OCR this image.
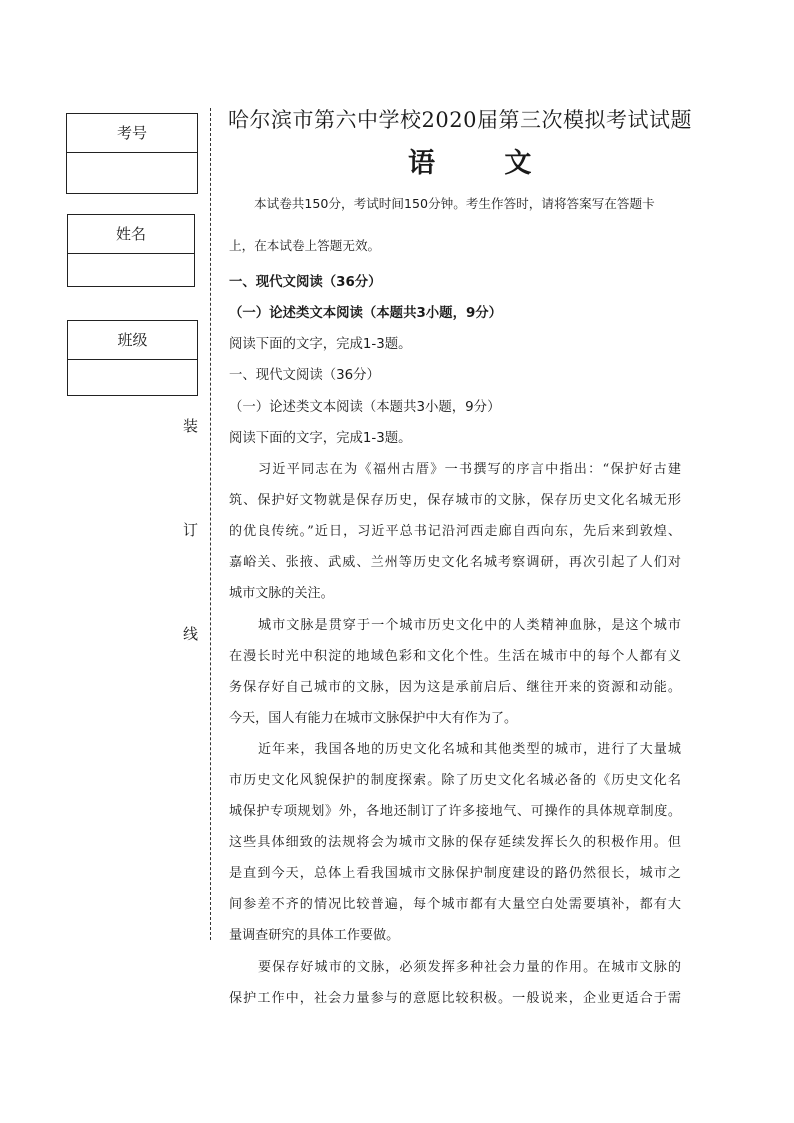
考号
姓名
班级
装
订
线
哈尔滨市第六中学校2020届第三次模拟考试试题
语 文
本试卷共150分，考试时间150分钟。考生作答时，请将答案写在答题卡
上，在本试卷上答题无效。
一、现代文阅读（36分）
（一）论述类文本阅读（本题共3小题，9分）
阅读下面的文字，完成1-3题。
一、现代文阅读（36分）
（一）论述类文本阅读（本题共3小题，9分）
阅读下面的文字，完成1-3题。
习近平同志在为《福州古厝》一书撰写的序言中指出：“保护好古建
筑、保护好文物就是保存历史，保存城市的文脉，保存历史文化名城无形
的优良传统。”近日，习近平总书记沿河西走廊自西向东，先后来到敦煌、
嘉峪关、张掖、武威、兰州等历史文化名城考察调研，再次引起了人们对
城市文脉的关注。
城市文脉是贯穿于一个城市历史文化中的人类精神血脉，是这个城市
在漫长时光中积淀的地域色彩和文化个性。生活在城市中的每个人都有义
务保存好自己城市的文脉，因为这是承前启后、继往开来的资源和动能。
今天，国人有能力在城市文脉保护中大有作为了。
近年来，我国各地的历史文化名城和其他类型的城市，进行了大量城
市历史文化风貌保护的制度探索。除了历史文化名城必备的《历史文化名
城保护专项规划》外，各地还制订了许多接地气、可操作的具体规章制度。
这些具体细致的法规将会为城市文脉的保存延续发挥长久的积极作用。但
是直到今天，总体上看我国城市文脉保护制度建设的路仍然很长，城市之
间参差不齐的情况比较普遍，每个城市都有大量空白处需要填补，都有大
量调查研究的具体工作要做。
要保存好城市的文脉，必须发挥多种社会力量的作用。在城市文脉的
保护工作中，社会力量参与的意愿比较积极。一般说来，企业更适合于需
